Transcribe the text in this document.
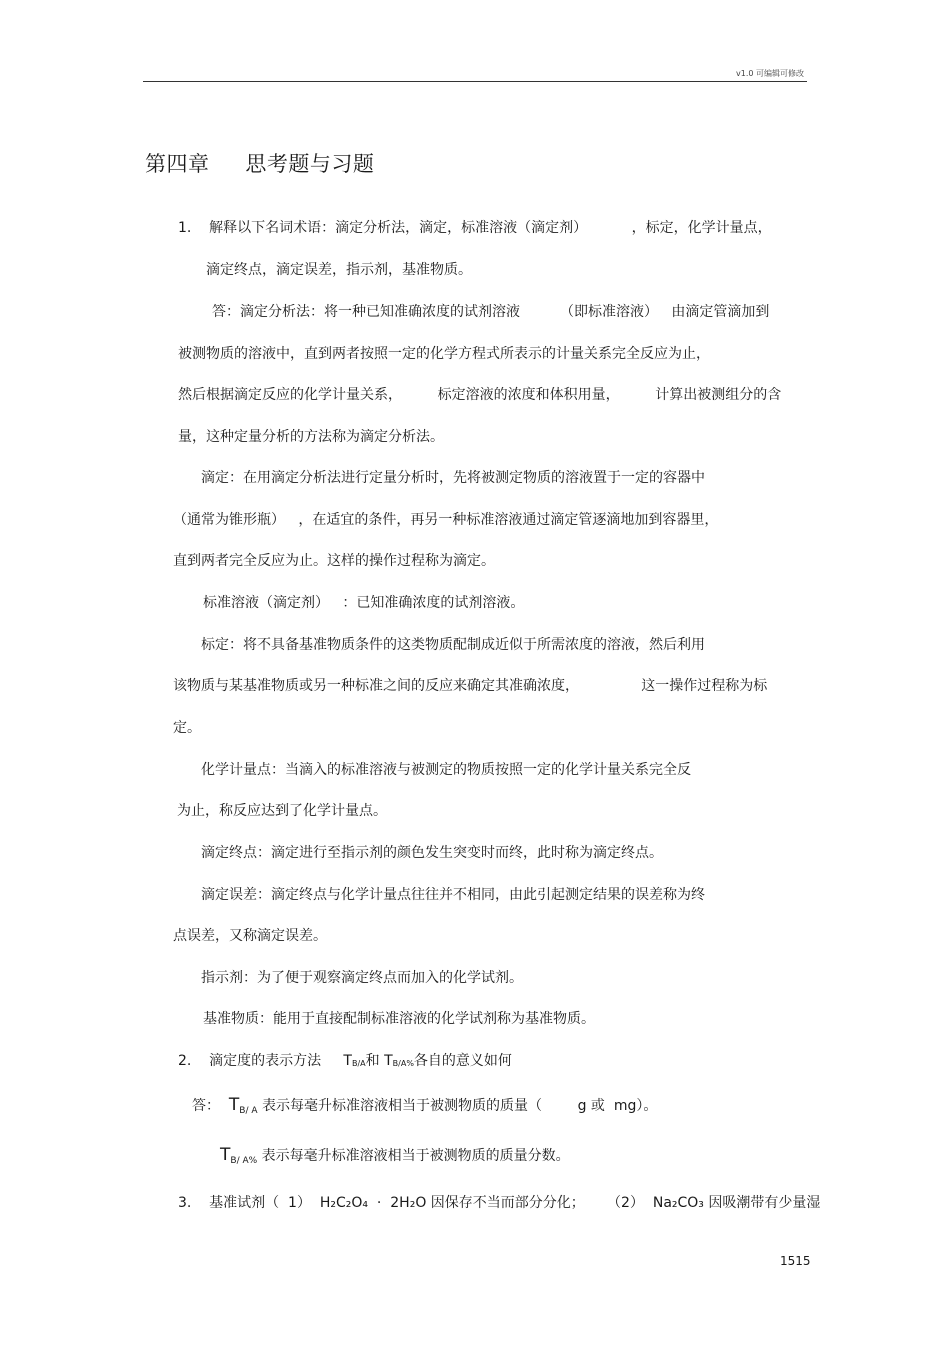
v1.0 可编辑可修改
第四章     思考题与习题
1.    解释以下名词术语：滴定分析法，滴定，标准溶液（滴定剂）          ，标定，化学计量点，
滴定终点，滴定误差，指示剂，基准物质。
答：滴定分析法：将一种已知准确浓度的试剂溶液         （即标准溶液）   由滴定管滴加到
被测物质的溶液中，直到两者按照一定的化学方程式所表示的计量关系完全反应为止，
然后根据滴定反应的化学计量关系，        标定溶液的浓度和体积用量，        计算出被测组分的含
量，这种定量分析的方法称为滴定分析法。
滴定：在用滴定分析法进行定量分析时，先将被测定物质的溶液置于一定的容器中
（通常为锥形瓶）   ，在适宜的条件，再另一种标准溶液通过滴定管逐滴地加到容器里，
直到两者完全反应为止。这样的操作过程称为滴定。
标准溶液（滴定剂）   ：已知准确浓度的试剂溶液。
标定：将不具备基准物质条件的这类物质配制成近似于所需浓度的溶液，然后利用
该物质与某基准物质或另一种标准之间的反应来确定其准确浓度，              这一操作过程称为标
定。
化学计量点：当滴入的标准溶液与被测定的物质按照一定的化学计量关系完全反
为止，称反应达到了化学计量点。
滴定终点：滴定进行至指示剂的颜色发生突变时而终，此时称为滴定终点。
滴定误差：滴定终点与化学计量点往往并不相同，由此引起测定结果的误差称为终
点误差，又称滴定误差。
指示剂：为了便于观察滴定终点而加入的化学试剂。
基准物质：能用于直接配制标准溶液的化学试剂称为基准物质。
2.    滴定度的表示方法     TB/A和 TB/A%各自的意义如何
答：  $T_{B/ A}$ 表示每毫升标准溶液相当于被测物质的质量（        g 或  mg）。
$T_{B/ A\%}$ 表示每毫升标准溶液相当于被测物质的质量分数。
3.    基准试剂（  1）  H₂C₂O₄  ·  2H₂O 因保存不当而部分分化；     （2）  Na₂CO₃ 因吸潮带有少量湿
1515
